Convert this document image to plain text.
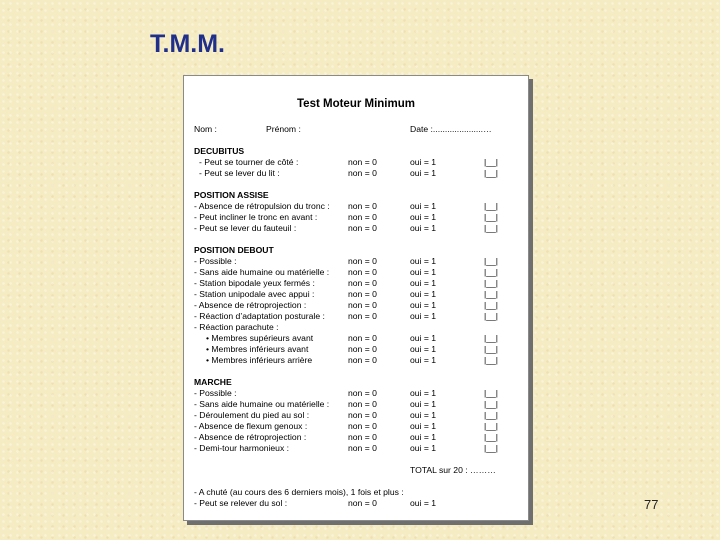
T.M.M.
Test Moteur Minimum
Nom :	Prénom :	Date :.....................…
DECUBITUS
- Peut se tourner de côté :	non = 0	oui = 1	|__|
- Peut se lever du lit :	non = 0	oui = 1	|__|
POSITION ASSISE
- Absence de rétropulsion du tronc : non = 0	oui = 1	|__|
- Peut incliner le tronc en avant :	non = 0	oui = 1	|__|
- Peut se lever du fauteuil :	non = 0	oui = 1	|__|
POSITION DEBOUT
- Possible :	non = 0	oui = 1	|__|
- Sans aide humaine ou matérielle : non = 0	oui = 1	|__|
- Station bipodale yeux fermés :	non = 0	oui = 1	|__|
- Station unipodale avec appui :	non = 0	oui = 1	|__|
- Absence de rétroprojection :	non = 0	oui = 1	|__|
- Réaction d’adaptation posturale :	non = 0	oui = 1	|__|
- Réaction parachute :
• Membres supérieurs avant	non = 0	oui = 1	|__|
• Membres inférieurs avant	non = 0	oui = 1	|__|
• Membres inférieurs arrière	non = 0	oui = 1	|__|
MARCHE
- Possible :	non = 0	oui = 1	|__|
- Sans aide humaine ou matérielle : non = 0	oui = 1	|__|
- Déroulement du pied au sol :	non = 0	oui = 1	|__|
- Absence de flexum genoux :	non = 0	oui = 1	|__|
- Absence de rétroprojection :	non = 0	oui = 1	|__|
- Demi-tour harmonieux :	non = 0	oui = 1	|__|
TOTAL sur 20 : ………
- A chuté (au cours des 6 derniers mois), 1 fois et plus :
- Peut se relever du sol :	non = 0	oui = 1	77
